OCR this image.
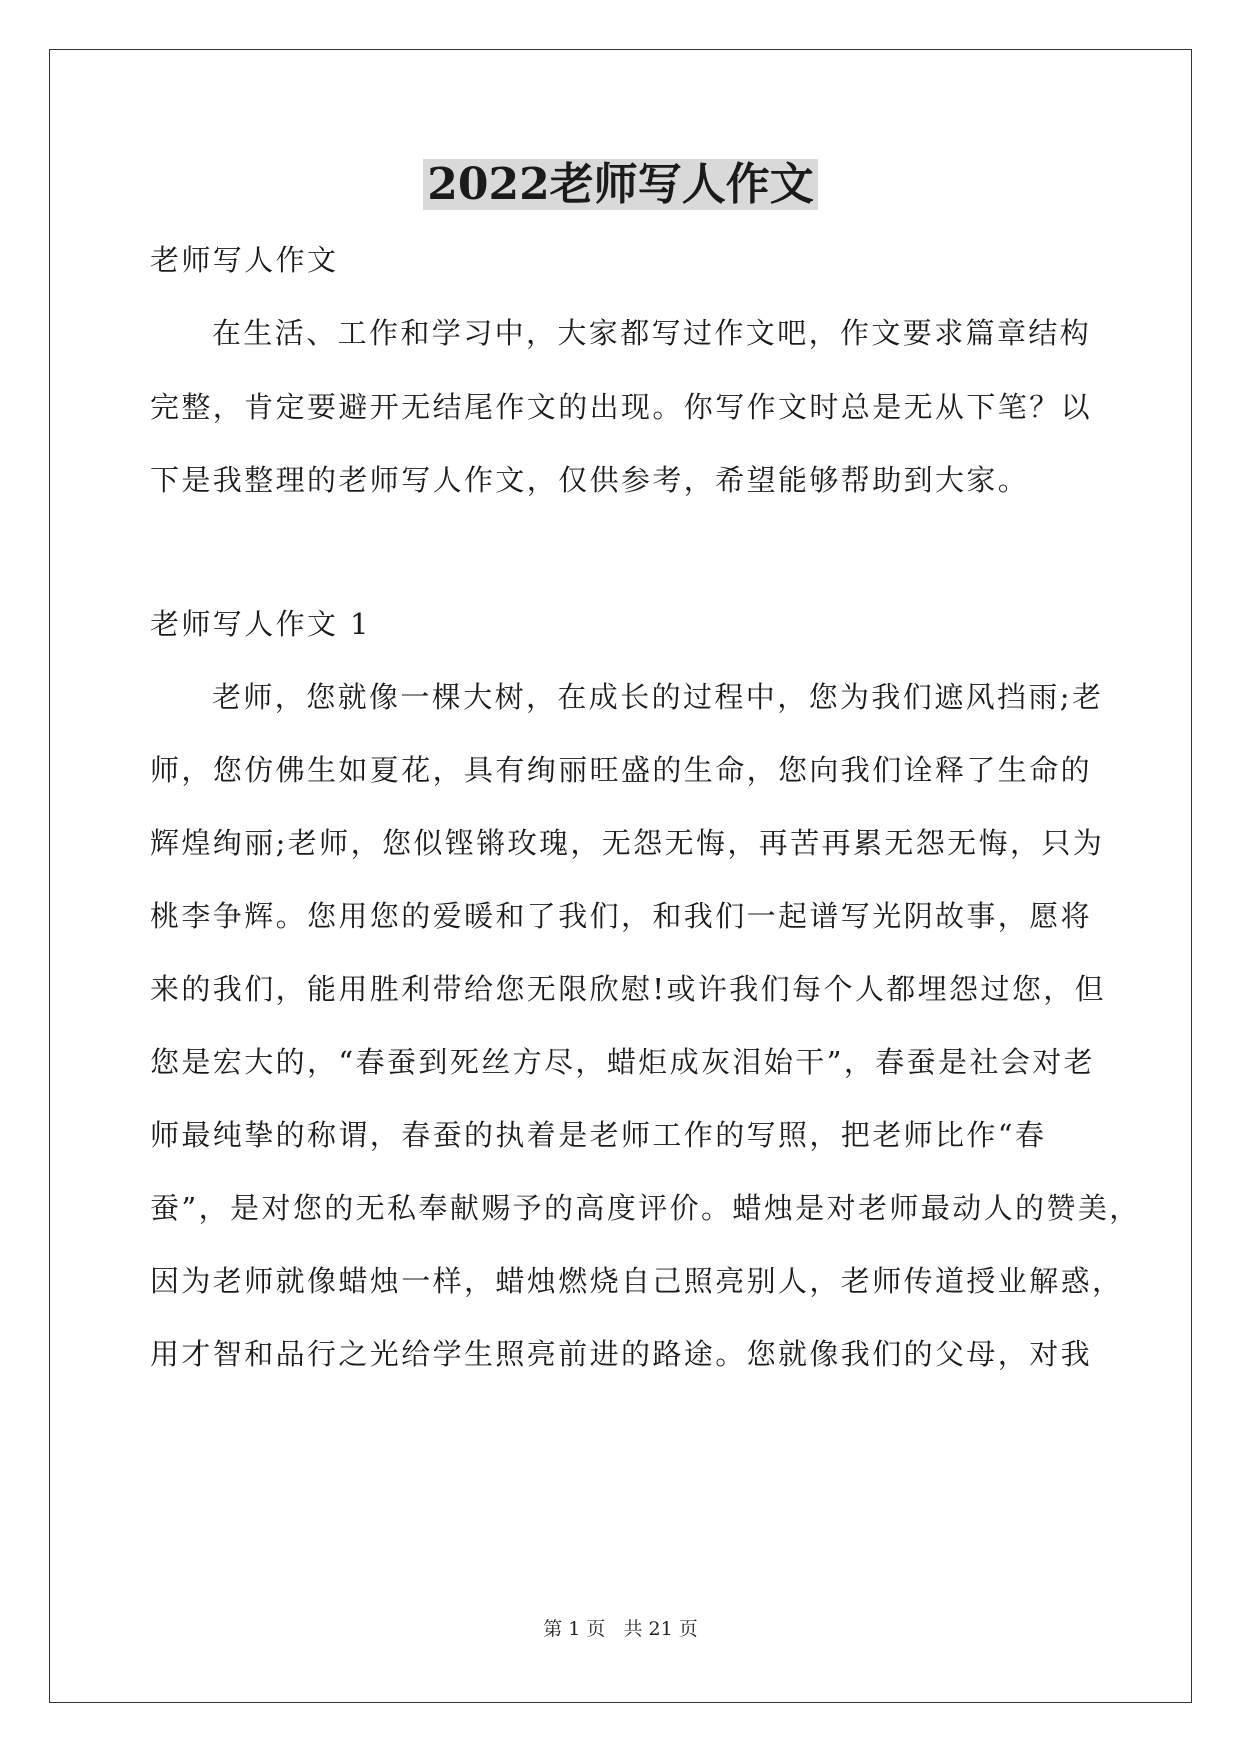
2022老师写人作文
老师写人作文
在生活、工作和学习中，大家都写过作文吧，作文要求篇章结构
完整，肯定要避开无结尾作文的出现。你写作文时总是无从下笔？以
下是我整理的老师写人作文，仅供参考，希望能够帮助到大家。
老师写人作文 1
老师，您就像一棵大树，在成长的过程中，您为我们遮风挡雨;老
师，您仿佛生如夏花，具有绚丽旺盛的生命，您向我们诠释了生命的
辉煌绚丽;老师，您似铿锵玫瑰，无怨无悔，再苦再累无怨无悔，只为
桃李争辉。您用您的爱暖和了我们，和我们一起谱写光阴故事，愿将
来的我们，能用胜利带给您无限欣慰!或许我们每个人都埋怨过您，但
您是宏大的，“春蚕到死丝方尽，蜡炬成灰泪始干”，春蚕是社会对老
师最纯挚的称谓，春蚕的执着是老师工作的写照，把老师比作“春
蚕”，是对您的无私奉献赐予的高度评价。蜡烛是对老师最动人的赞美，
因为老师就像蜡烛一样，蜡烛燃烧自己照亮别人，老师传道授业解惑，
用才智和品行之光给学生照亮前进的路途。您就像我们的父母，对我
第 1 页 共 21 页
